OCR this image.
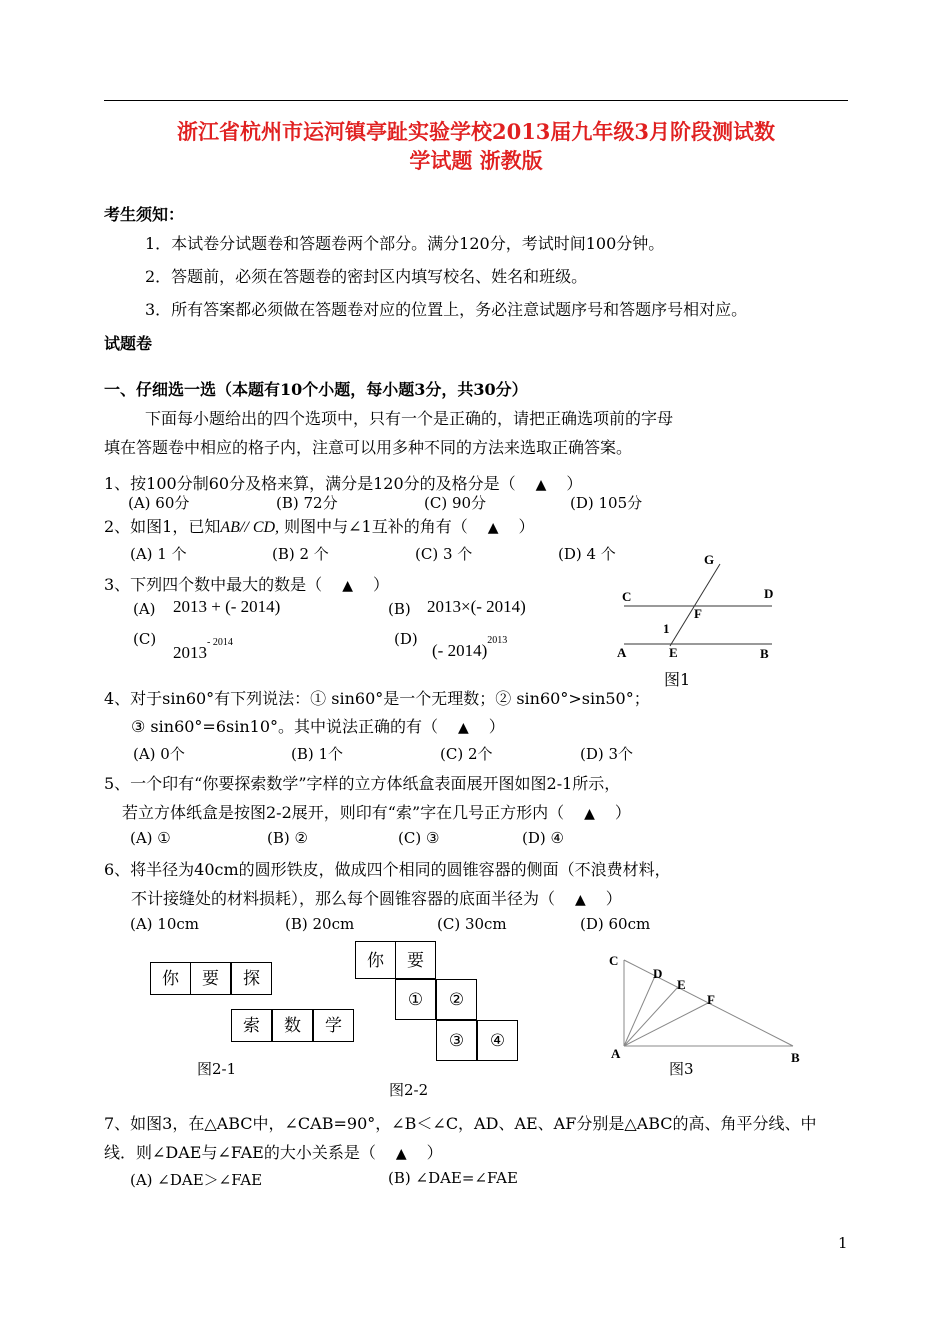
浙江省杭州市运河镇亭趾实验学校2013届九年级3月阶段测试数
学试题 浙教版
考生须知：
1．本试卷分试题卷和答题卷两个部分。满分120分，考试时间100分钟。
2．答题前，必须在答题卷的密封区内填写校名、姓名和班级。
3．所有答案都必须做在答题卷对应的位置上，务必注意试题序号和答题序号相对应。
试题卷
一、仔细选一选（本题有10个小题，每小题3分，共30分）
下面每小题给出的四个选项中，只有一个是正确的，请把正确选项前的字母
填在答题卷中相应的格子内，注意可以用多种不同的方法来选取正确答案。
1、按100分制60分及格来算，满分是120分的及格分是（ ▲ ）
(A) 60分	(B) 72分	(C) 90分	(D) 105分
2、如图1，已知AB// CD, 则图中与∠1互补的角有（ ▲ ）
(A) 1 个	(B) 2 个	(C) 3 个	(D) 4 个
3、下列四个数中最大的数是（ ▲ ）
(A) 2013 + (- 2014)	(B) 2013×(- 2014)
(C)
$2013^{- 2014}$	(D)
(- 2014)$^{2013}$
G
C	D
F
1
A	E	B
图1
4、对于sin60°有下列说法：① sin60°是一个无理数；② sin60°>sin50°；
③ sin60°=6sin10°。其中说法正确的有（ ▲ ）
(A) 0个	(B) 1个	(C) 2个	(D) 3个
5、一个印有“你要探索数学”字样的立方体纸盒表面展开图如图2-1所示，
若立方体纸盒是按图2-2展开，则印有“索”字在几号正方形内（ ▲ ）
(A) ①	(B) ②	(C) ③	(D) ④
6、将半径为40cm的圆形铁皮，做成四个相同的圆锥容器的侧面（不浪费材料，
不计接缝处的材料损耗），那么每个圆锥容器的底面半径为（ ▲ ）
(A) 10cm	(B) 20cm	(C) 30cm	(D) 60cm
你	要	探
索	数	学
图2-1
你	要
①	②
③	④
图2-2
C
D
E
F
A	B
图3
7、如图3，在△ABC中，∠CAB=90°，∠B＜∠C，AD、AE、AF分别是△ABC的高、角平分线、中
线．则∠DAE与∠FAE的大小关系是（ ▲ ）
(A) ∠DAE＞∠FAE	(B) ∠DAE=∠FAE
1
